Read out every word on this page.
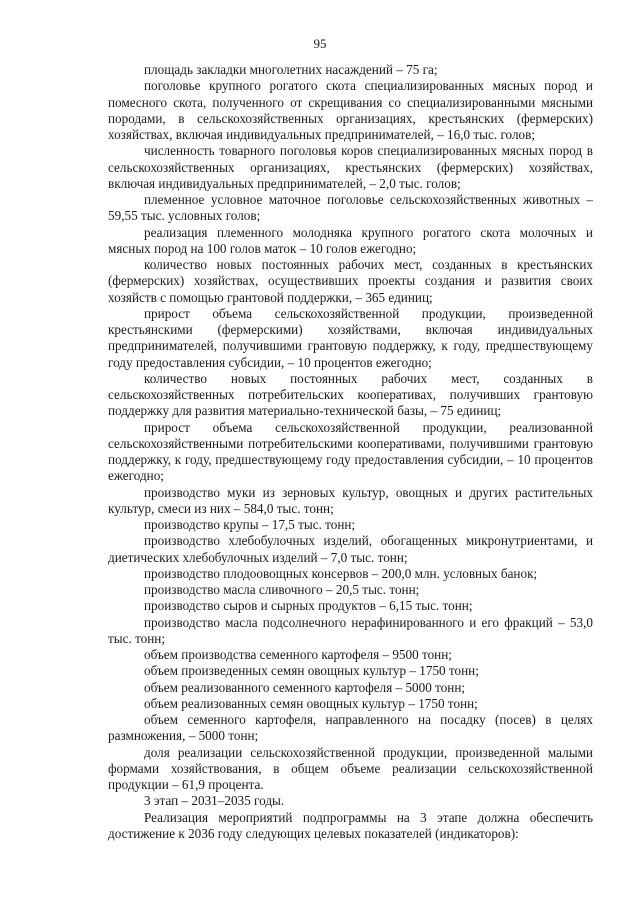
95

площадь закладки многолетних насаждений – 75 га;

поголовье крупного рогатого скота специализированных мясных пород и помесного скота, полученного от скрещивания со специализированными мясными породами, в сельскохозяйственных организациях, крестьянских (фермерских) хозяйствах, включая индивидуальных предпринимателей, – 16,0 тыс. голов;

численность товарного поголовья коров специализированных мясных пород в сельскохозяйственных организациях, крестьянских (фермерских) хозяйствах, включая индивидуальных предпринимателей, – 2,0 тыс. голов;

племенное условное маточное поголовье сельскохозяйственных животных – 59,55 тыс. условных голов;

реализация племенного молодняка крупного рогатого скота молочных и мясных пород на 100 голов маток – 10 голов ежегодно;

количество новых постоянных рабочих мест, созданных в крестьянских (фермерских) хозяйствах, осуществивших проекты создания и развития своих хозяйств с помощью грантовой поддержки, – 365 единиц;

прирост объема сельскохозяйственной продукции, произведенной крестьянскими (фермерскими) хозяйствами, включая индивидуальных предпринимателей, получившими грантовую поддержку, к году, предшествующему году предоставления субсидии, – 10 процентов ежегодно;

количество новых постоянных рабочих мест, созданных в сельскохозяйственных потребительских кооперативах, получивших грантовую поддержку для развития материально-технической базы, – 75 единиц;

прирост объема сельскохозяйственной продукции, реализованной сельскохозяйственными потребительскими кооперативами, получившими грантовую поддержку, к году, предшествующему году предоставления субсидии, – 10 процентов ежегодно;

производство муки из зерновых культур, овощных и других растительных культур, смеси из них – 584,0 тыс. тонн;

производство крупы – 17,5 тыс. тонн;

производство хлебобулочных изделий, обогащенных микронутриентами, и диетических хлебобулочных изделий – 7,0 тыс. тонн;

производство плодоовощных консервов – 200,0 млн. условных банок;

производство масла сливочного – 20,5 тыс. тонн;

производство сыров и сырных продуктов – 6,15 тыс. тонн;

производство масла подсолнечного нерафинированного и его фракций – 53,0 тыс. тонн;

объем производства семенного картофеля – 9500 тонн;

объем произведенных семян овощных культур – 1750 тонн;

объем реализованного семенного картофеля – 5000 тонн;

объем реализованных семян овощных культур – 1750 тонн;

объем семенного картофеля, направленного на посадку (посев) в целях размножения, – 5000 тонн;

доля реализации сельскохозяйственной продукции, произведенной малыми формами хозяйствования, в общем объеме реализации сельскохозяйственной продукции – 61,9 процента.

3 этап – 2031–2035 годы.

Реализация мероприятий подпрограммы на 3 этапе должна обеспечить достижение к 2036 году следующих целевых показателей (индикаторов):
